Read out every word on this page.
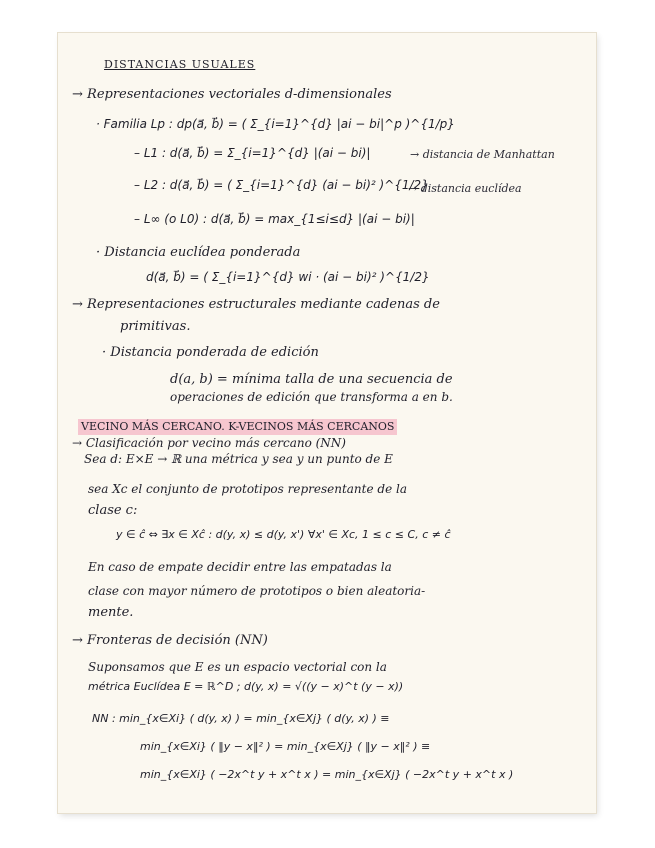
DISTANCIAS USUALES
→ Representaciones vectoriales d-dimensionales
· Familia Lp : dp(a⃗, b⃗) = ( Σ_{i=1}^{d} |ai − bi|^p )^{1/p}
– L1 : d(a⃗, b⃗) = Σ_{i=1}^{d} |(ai − bi)|	→ distancia de Manhattan
– L2 : d(a⃗, b⃗) = ( Σ_{i=1}^{d} (ai − bi)² )^{1/2}
→ distancia euclídea
– L∞ (o L0) : d(a⃗, b⃗) = max_{1≤i≤d} |(ai − bi)|
· Distancia euclídea ponderada
d(a⃗, b⃗) = ( Σ_{i=1}^{d} wi · (ai − bi)² )^{1/2}
→ Representaciones estructurales mediante cadenas de
primitivas.
· Distancia ponderada de edición
d(a, b) = mínima talla de una secuencia de
operaciones de edición que transforma a en b.
VECINO MÁS CERCANO. K-VECINOS MÁS CERCANOS
→ Clasificación por vecino más cercano (NN)
Sea d: E×E → ℝ una métrica y sea y un punto de E
sea Xc el conjunto de prototipos representante de la
clase c:
y ∈ ĉ ⇔ ∃x ∈ Xĉ : d(y, x) ≤ d(y, x') ∀x' ∈ Xc, 1 ≤ c ≤ C, c ≠ ĉ
En caso de empate decidir entre las empatadas la
clase con mayor número de prototipos o bien aleatoria-
mente.
→ Fronteras de decisión (NN)
Suponsamos que E es un espacio vectorial con la
métrica Euclídea E = ℝ^D ; d(y, x) = √((y − x)^t (y − x))
NN : min_{x∈Xi} ( d(y, x) ) = min_{x∈Xj} ( d(y, x) ) ≡
min_{x∈Xi} ( ‖y − x‖² ) = min_{x∈Xj} ( ‖y − x‖² ) ≡
min_{x∈Xi} ( −2x^t y + x^t x ) = min_{x∈Xj} ( −2x^t y + x^t x )
